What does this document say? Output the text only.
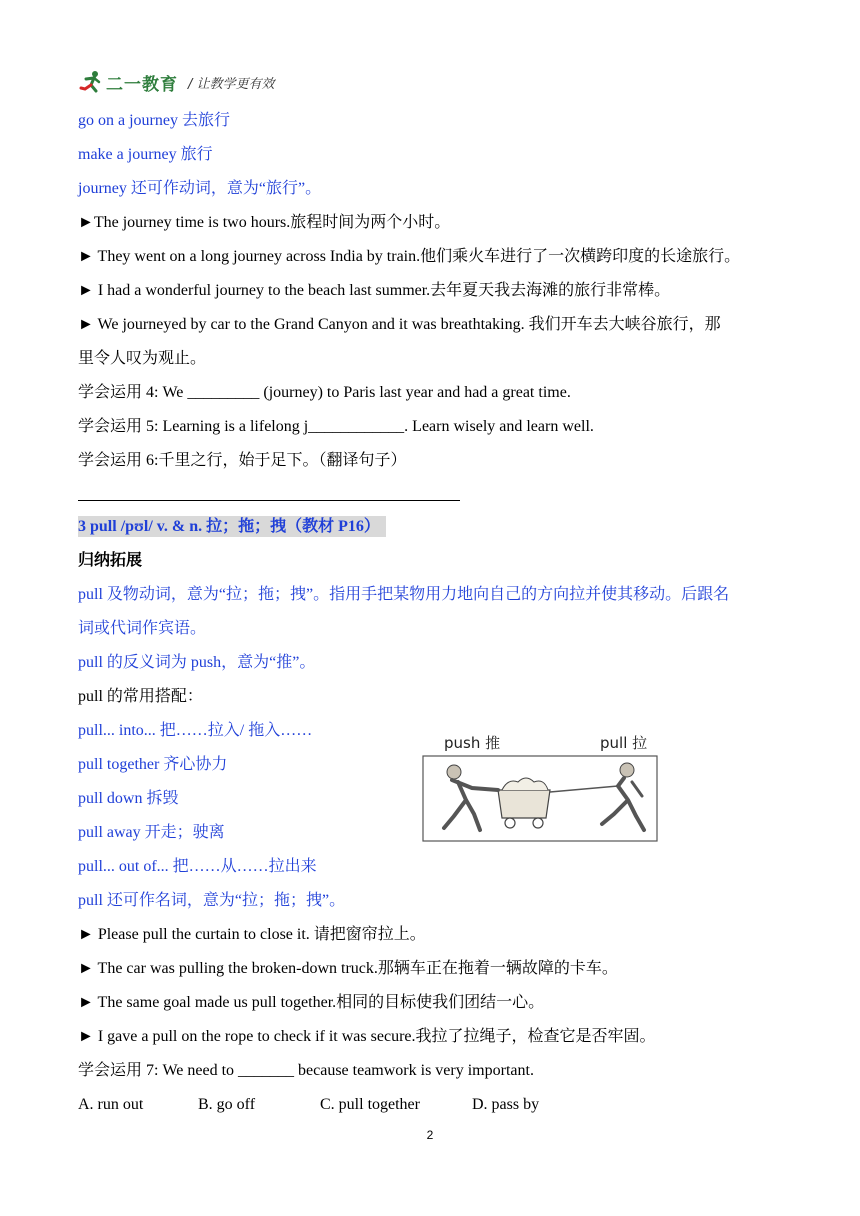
二一教育 / 让教学更有效
go on a journey 去旅行
make a journey 旅行
journey 还可作动词，意为“旅行”。
►The journey time is two hours.旅程时间为两个小时。
► They went on a long journey across India by train.他们乘火车进行了一次横跨印度的长途旅行。
► I had a wonderful journey to the beach last summer.去年夏天我去海滩的旅行非常棒。
► We journeyed by car to the Grand Canyon and it was breathtaking. 我们开车去大峡谷旅行，那
里令人叹为观止。
学会运用 4: We _________ (journey) to Paris last year and had a great time.
学会运用 5: Learning is a lifelong j____________. Learn wisely and learn well.
学会运用 6:千里之行，始于足下。（翻译句子）
3 pull /pʊl/ v. & n. 拉；拖；拽（教材 P16）
归纳拓展
pull 及物动词，意为“拉；拖；拽”。指用手把某物用力地向自己的方向拉并使其移动。后跟名
词或代词作宾语。
pull 的反义词为 push，意为“推”。
pull 的常用搭配：
pull... into... 把……拉入/ 拖入……
pull together 齐心协力
pull down 拆毁
pull away 开走；驶离
pull... out of... 把……从……拉出来
pull 还可作名词，意为“拉；拖；拽”。
► Please pull the curtain to close it. 请把窗帘拉上。
► The car was pulling the broken-down truck.那辆车正在拖着一辆故障的卡车。
► The same goal made us pull together.相同的目标使我们团结一心。
► I gave a pull on the rope to check if it was secure.我拉了拉绳子，检查它是否牢固。
学会运用 7: We need to _______ because teamwork is very important.
A. run out	B. go off	C. pull together	D. pass by
push 推	pull 拉
2
